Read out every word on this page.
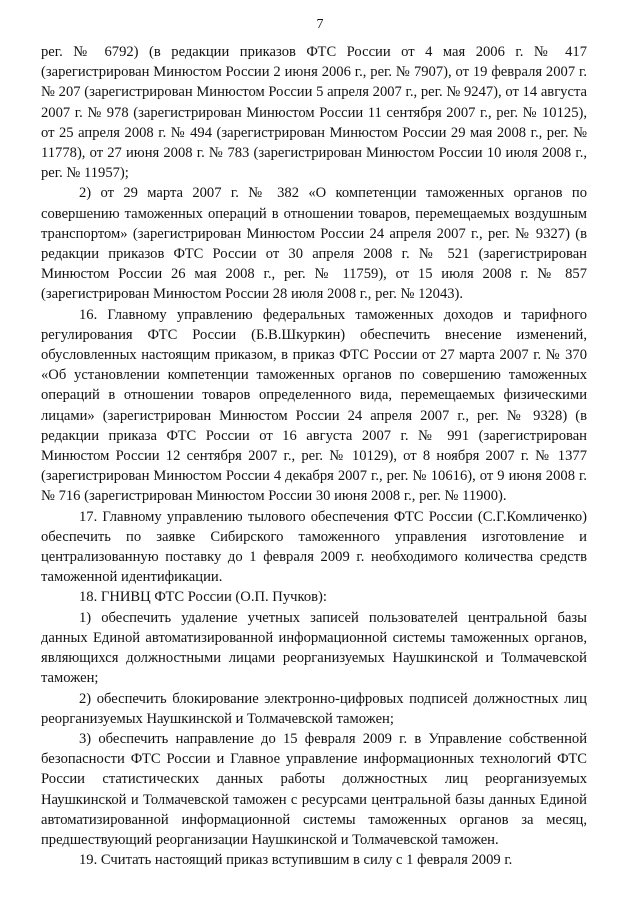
7

рег. № 6792) (в редакции приказов ФТС России от 4 мая 2006 г. № 417 (зарегистрирован Минюстом России 2 июня 2006 г., рег. № 7907), от 19 февраля 2007 г. № 207 (зарегистрирован Минюстом России 5 апреля 2007 г., рег. № 9247), от 14 августа 2007 г. № 978 (зарегистрирован Минюстом России 11 сентября 2007 г., рег. № 10125), от 25 апреля 2008 г. № 494 (зарегистрирован Минюстом России 29 мая 2008 г., рег. № 11778), от 27 июня 2008 г. № 783 (зарегистрирован Минюстом России 10 июля 2008 г., рег. № 11957);

2) от 29 марта 2007 г. № 382 «О компетенции таможенных органов по совершению таможенных операций в отношении товаров, перемещаемых воздушным транспортом» (зарегистрирован Минюстом России 24 апреля 2007 г., рег. № 9327) (в редакции приказов ФТС России от 30 апреля 2008 г. № 521 (зарегистрирован Минюстом России 26 мая 2008 г., рег. № 11759), от 15 июля 2008 г. № 857 (зарегистрирован Минюстом России 28 июля 2008 г., рег. № 12043).

16. Главному управлению федеральных таможенных доходов и тарифного регулирования ФТС России (Б.В.Шкуркин) обеспечить внесение изменений, обусловленных настоящим приказом, в приказ ФТС России от 27 марта 2007 г. № 370 «Об установлении компетенции таможенных органов по совершению таможенных операций в отношении товаров определенного вида, перемещаемых физическими лицами» (зарегистрирован Минюстом России 24 апреля 2007 г., рег. № 9328) (в редакции приказа ФТС России от 16 августа 2007 г. № 991 (зарегистрирован Минюстом России 12 сентября 2007 г., рег. № 10129), от 8 ноября 2007 г. № 1377 (зарегистрирован Минюстом России 4 декабря 2007 г., рег. № 10616), от 9 июня 2008 г. № 716 (зарегистрирован Минюстом России 30 июня 2008 г., рег. № 11900).

17. Главному управлению тылового обеспечения ФТС России (С.Г.Комличенко) обеспечить по заявке Сибирского таможенного управления изготовление и централизованную поставку до 1 февраля 2009 г. необходимого количества средств таможенной идентификации.

18. ГНИВЦ ФТС России (О.П. Пучков):

1) обеспечить удаление учетных записей пользователей центральной базы данных Единой автоматизированной информационной системы таможенных органов, являющихся должностными лицами реорганизуемых Наушкинской и Толмачевской таможен;

2) обеспечить блокирование электронно-цифровых подписей должностных лиц реорганизуемых Наушкинской и Толмачевской таможен;

3) обеспечить направление до 15 февраля 2009 г. в Управление собственной безопасности ФТС России и Главное управление информационных технологий ФТС России статистических данных работы должностных лиц реорганизуемых Наушкинской и Толмачевской таможен с ресурсами центральной базы данных Единой автоматизированной информационной системы таможенных органов за месяц, предшествующий реорганизации Наушкинской и Толмачевской таможен.

19. Считать настоящий приказ вступившим в силу с 1 февраля 2009 г.
